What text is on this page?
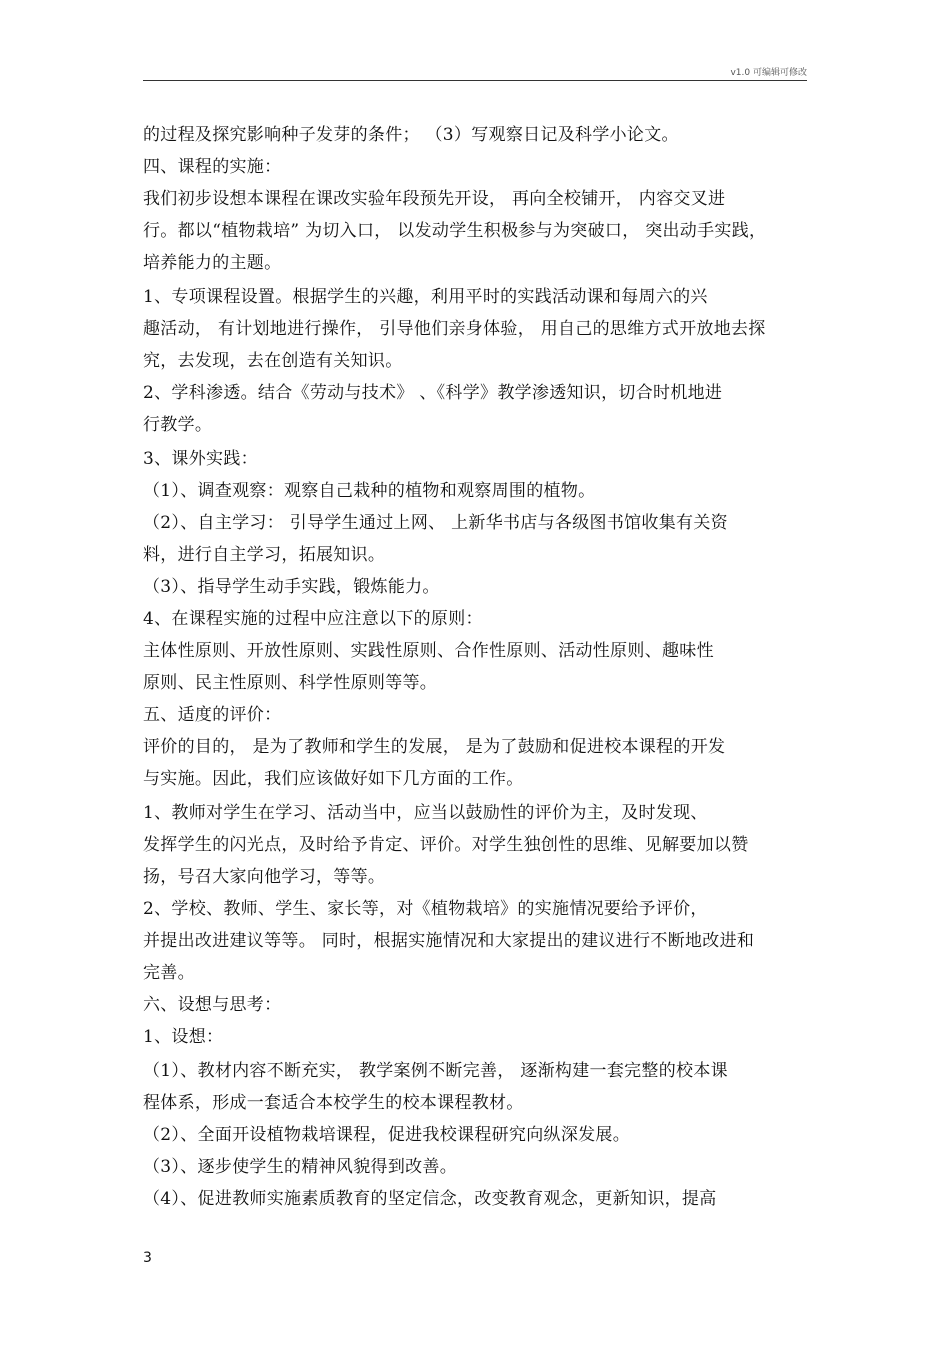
v1.0 可编辑可修改
的过程及探究影响种子发芽的条件； （3）写观察日记及科学小论文。
四、课程的实施：
我们初步设想本课程在课改实验年段预先开设， 再向全校铺开， 内容交叉进
行。都以“植物栽培” 为切入口， 以发动学生积极参与为突破口， 突出动手实践，
培养能力的主题。
1、专项课程设置。根据学生的兴趣，利用平时的实践活动课和每周六的兴
趣活动， 有计划地进行操作， 引导他们亲身体验， 用自己的思维方式开放地去探
究，去发现，去在创造有关知识。
2、学科渗透。结合《劳动与技术》 、《科学》教学渗透知识，切合时机地进
行教学。
3、课外实践：
（1）、调查观察：观察自己栽种的植物和观察周围的植物。
（2）、自主学习： 引导学生通过上网、 上新华书店与各级图书馆收集有关资
料，进行自主学习，拓展知识。
（3）、指导学生动手实践，锻炼能力。
4、在课程实施的过程中应注意以下的原则：
主体性原则、开放性原则、实践性原则、合作性原则、活动性原则、趣味性
原则、民主性原则、科学性原则等等。
五、适度的评价：
评价的目的， 是为了教师和学生的发展， 是为了鼓励和促进校本课程的开发
与实施。因此，我们应该做好如下几方面的工作。
1、教师对学生在学习、活动当中，应当以鼓励性的评价为主，及时发现、
发挥学生的闪光点，及时给予肯定、评价。对学生独创性的思维、见解要加以赞
扬，号召大家向他学习，等等。
2、学校、教师、学生、家长等，对《植物栽培》的实施情况要给予评价，
并提出改进建议等等。 同时，根据实施情况和大家提出的建议进行不断地改进和
完善。
六、设想与思考：
1、设想：
（1）、教材内容不断充实， 教学案例不断完善， 逐渐构建一套完整的校本课
程体系，形成一套适合本校学生的校本课程教材。
（2）、全面开设植物栽培课程，促进我校课程研究向纵深发展。
（3）、逐步使学生的精神风貌得到改善。
（4）、促进教师实施素质教育的坚定信念，改变教育观念，更新知识，提高
3
